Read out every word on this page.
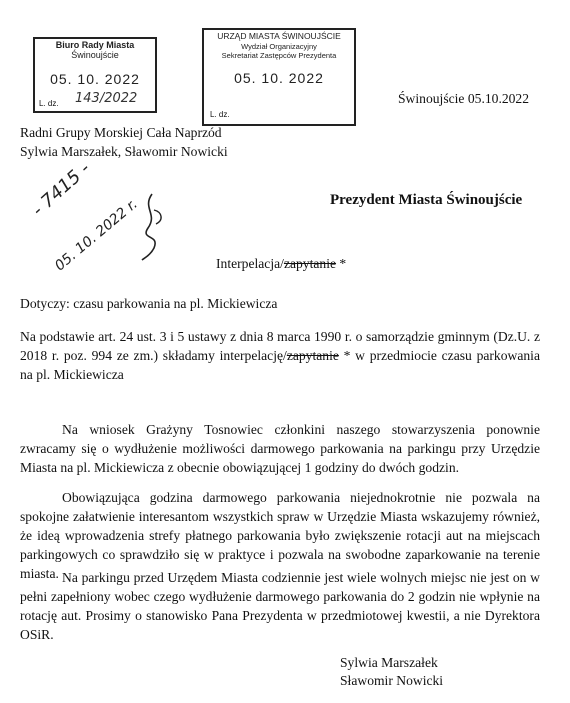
Biuro Rady Miasta
Świnoujście
05. 10. 2022
L. dz. 143/2022
URZĄD MIASTA ŚWINOUJŚCIE
Wydział Organizacyjny
Sekretariat Zastępców Prezydenta
05. 10. 2022
L. dz.
Świnoujście 05.10.2022
Radni Grupy Morskiej Cała Naprzód
Sylwia Marszałek, Sławomir Nowicki
- 7415 -
05. 10. 2022 r.	Prezydent Miasta Świnoujście
Interpelacja/zapytanie *
Dotyczy: czasu parkowania na pl. Mickiewicza
Na podstawie art. 24 ust. 3 i 5 ustawy z dnia 8 marca 1990 r. o samorządzie gminnym (Dz.U. z 2018 r. poz. 994 ze zm.) składamy interpelację/zapytanie * w przedmiocie czasu parkowania na pl. Mickiewicza
Na wniosek Grażyny Tosnowiec członkini naszego stowarzyszenia ponownie zwracamy się o wydłużenie możliwości darmowego parkowania na parkingu przy Urzędzie Miasta na pl. Mickiewicza z obecnie obowiązującej 1 godziny do dwóch godzin.
Obowiązująca godzina darmowego parkowania niejednokrotnie nie pozwala na spokojne załatwienie interesantom wszystkich spraw w Urzędzie Miasta wskazujemy również, że ideą wprowadzenia strefy płatnego parkowania było zwiększenie rotacji aut na miejscach parkingowych co sprawdziło się w praktyce i pozwala na swobodne zaparkowanie na terenie miasta. Na parkingu przed Urzędem Miasta codziennie jest wiele wolnych miejsc nie jest on w pełni zapełniony wobec czego wydłużenie darmowego parkowania do 2 godzin nie wpłynie na rotację aut. Prosimy o stanowisko Pana Prezydenta w przedmiotowej kwestii, a nie Dyrektora OSiR.
Sylwia Marszałek
Sławomir Nowicki
